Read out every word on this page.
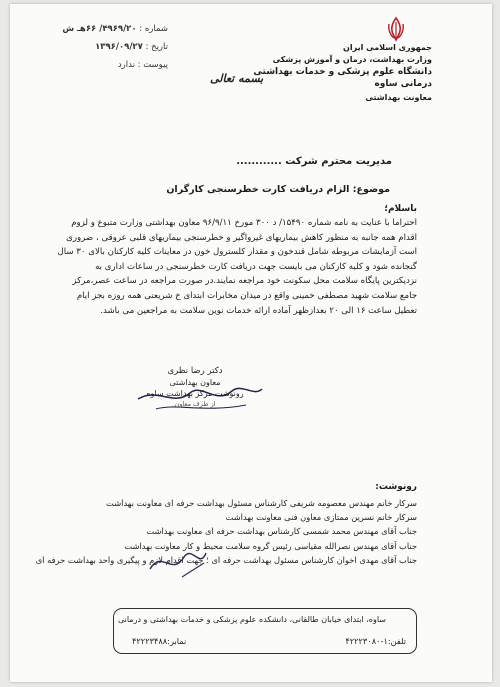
شماره : ۴۹۶۹/۲۰/ ۶۶هـ ش
تاریخ : ۱۳۹۶/۰۹/۲۷
پیوست : ندارد
جمهوری اسلامی ایران
وزارت بهداشت، درمان و آموزش پزشکی
دانشگاه علوم پزشکی و خدمات بهداشتی درمانی ساوه
معاونت بهداشتی
بسمه تعالی
مدیریت محترم شرکت ............
موضوع: الزام دریافت کارت خطرسنجی کارگران
باسلام؛

احتراما با عنایت به نامه شماره ۱۵۴۹۰/ د ۳۰۰ مورخ ۹۶/۹/۱۱ معاون بهداشتی وزارت متبوع و لزوم

اقدام همه جانبه به منظور کاهش بیماریهای غیرواگیر و خطرسنجی بیماریهای قلبی عروقی ، ضروری

است آزمایشات مربوطه شامل قندخون و مقدار کلسترول خون در معاینات کلیه کارکنان بالای ۳۰ سال

گنجانده شود و کلیه کارکنان می بایست جهت دریافت کارت خطرسنجی در ساعات اداری به

نزدیکترین پایگاه سلامت محل سکونت خود مراجعه نمایند.در صورت مراجعه در ساعت عصر،مرکز

جامع سلامت شهید مصطفی خمینی واقع در میدان مخابرات ابتدای خ شریعتی همه روزه بجز ایام

تعطیل ساعت ۱۶ الی ۲۰ بعدازظهر آماده ارائه خدمات نوین سلامت به مراجعین می باشد.

دکتر رضا نظری
معاون بهداشتی
رونوشت مرکز بهداشت ساوه
از طرف معاون
رونوشت:
سرکار خانم مهندس معصومه شریفی کارشناس مسئول بهداشت حرفه ای معاونت بهداشت
سرکار خانم نسرین ممتازی معاون فنی معاونت بهداشت
جناب آقای مهندس محمد شمسی کارشناس بهداشت حرفه ای معاونت بهداشت
جناب آقای مهندس نصرالله مقیاسی رئیس گروه سلامت محیط و کار معاونت بهداشت
جناب آقای مهدی اخوان کارشناس مسئول بهداشت حرفه ای ؛ جهت اقدام لازم و پیگیری واحد بهداشت حرفه ای
ساوه، ابتدای خیابان طالقانی، دانشکده علوم پزشکی و خدمات بهداشتی و درمانی
تلفن:۱-۴۲۲۲۳۰۸۰
نمابر:۴۲۲۲۳۴۸۸
